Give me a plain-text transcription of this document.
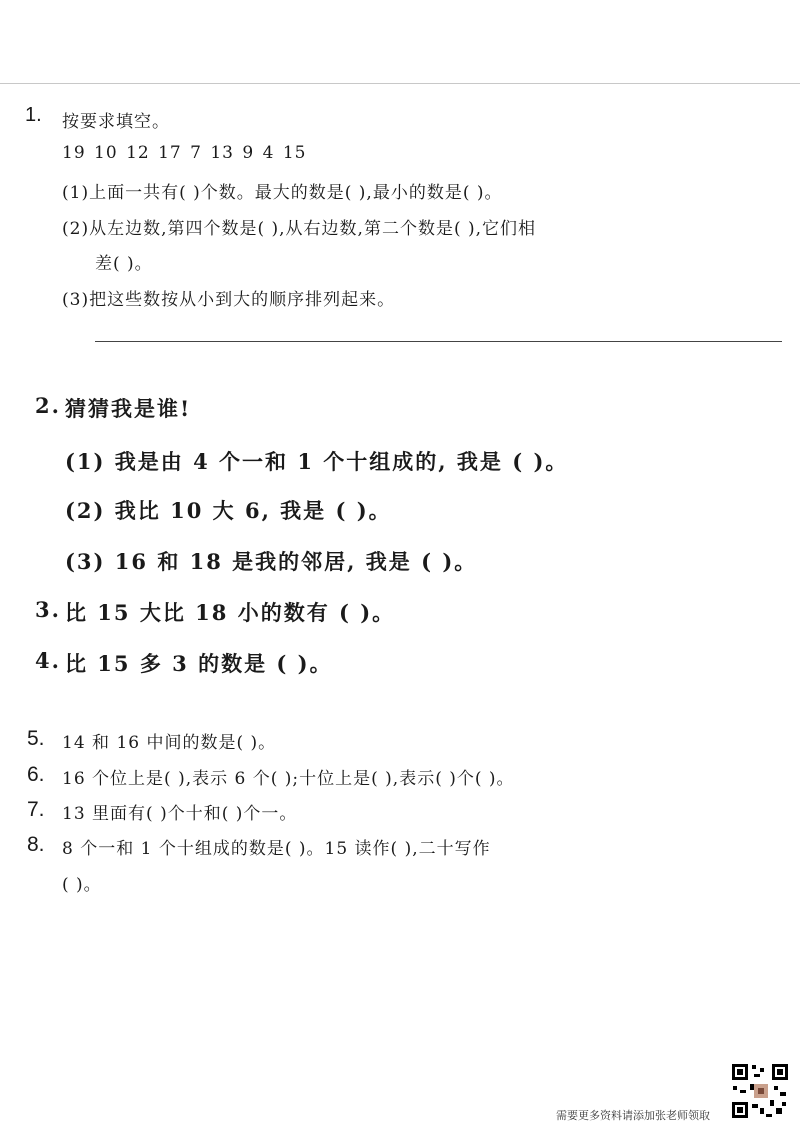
1. 按要求填空。
19 10 12 17 7 13 9 4 15
(1)上面一共有( )个数。最大的数是( ),最小的数是( )。
(2)从左边数,第四个数是( ),从右边数,第二个数是( ),它们相
差( )。
(3)把这些数按从小到大的顺序排列起来。
2. 猜猜我是谁!
(1) 我是由 4 个一和 1 个十组成的, 我是 ( )。
(2) 我比 10 大 6, 我是 ( )。
(3) 16 和 18 是我的邻居, 我是 ( )。
3. 比 15 大比 18 小的数有 ( )。
4. 比 15 多 3 的数是 ( )。
5. 14 和 16 中间的数是( )。
6. 16 个位上是( ),表示 6 个( );十位上是( ),表示( )个( )。
7. 13 里面有( )个十和( )个一。
8. 8 个一和 1 个十组成的数是( )。15 读作( ),二十写作
( )。
需要更多资料请添加张老师领取
